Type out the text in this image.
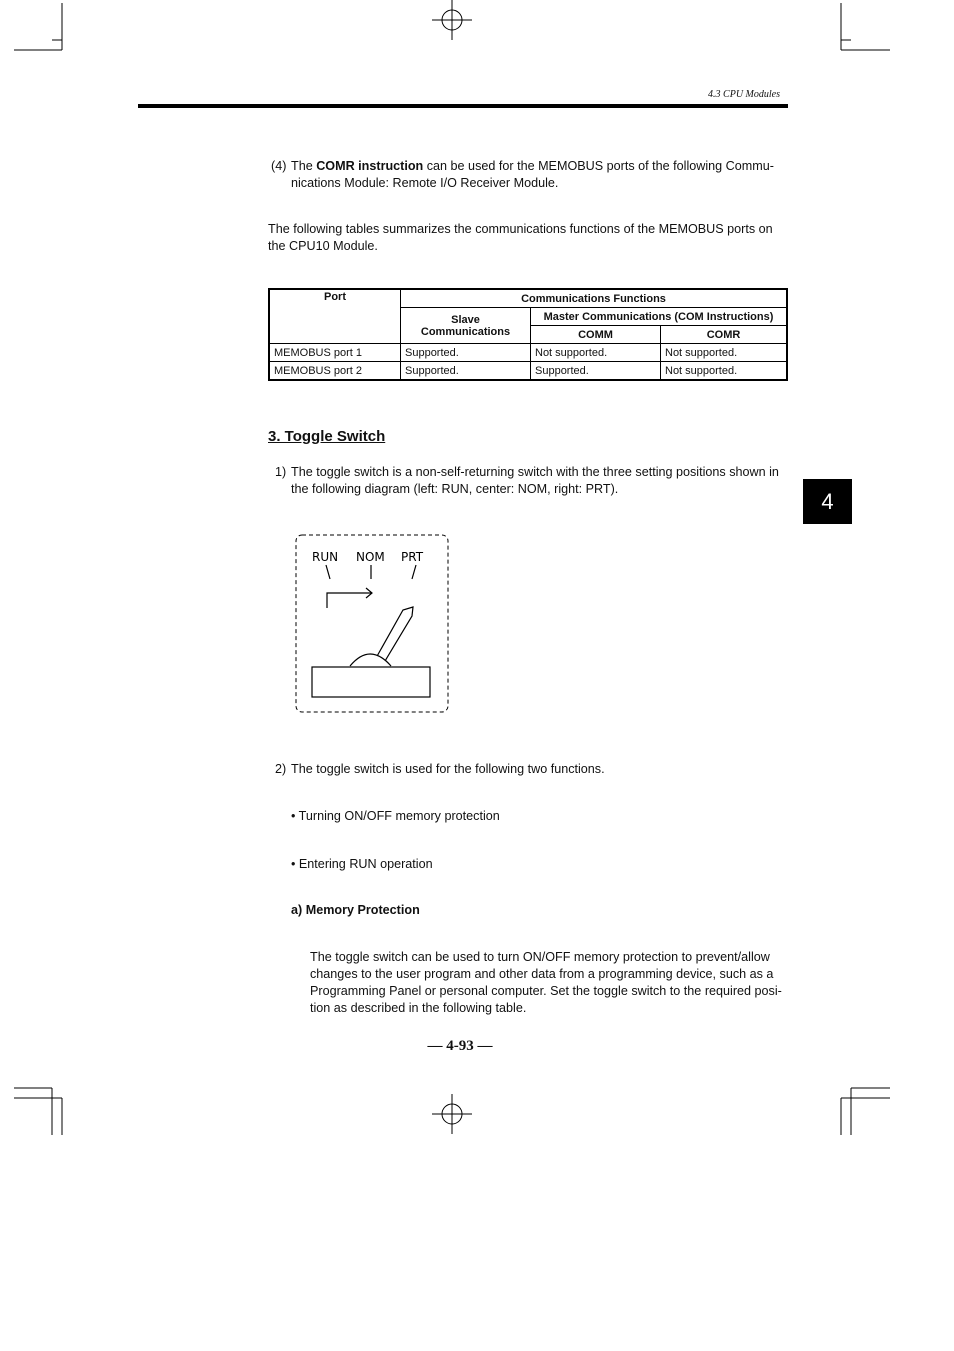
4.3 CPU Modules
(4) The COMR instruction can be used for the MEMOBUS ports of the following Commu-
nications Module: Remote I/O Receiver Module.
The following tables summarizes the communications functions of the MEMOBUS ports on
the CPU10 Module.
Port	Communications Functions		
	Slave
Communications	Master Communications (COM Instructions)	
		COMM	COMR
MEMOBUS port 1	Supported.	Not supported.	Not supported.
MEMOBUS port 2	Supported.	Supported.	Not supported.
3. Toggle Switch
4
1) The toggle switch is a non-self-returning switch with the three setting positions shown in
the following diagram (left: RUN, center: NOM, right: PRT).
RUN NOM PRT
2) The toggle switch is used for the following two functions.
• Turning ON/OFF memory protection
• Entering RUN operation
a) Memory Protection
The toggle switch can be used to turn ON/OFF memory protection to prevent/allow
changes to the user program and other data from a programming device, such as a
Programming Panel or personal computer. Set the toggle switch to the required posi-
tion as described in the following table.
— 4-93 —
